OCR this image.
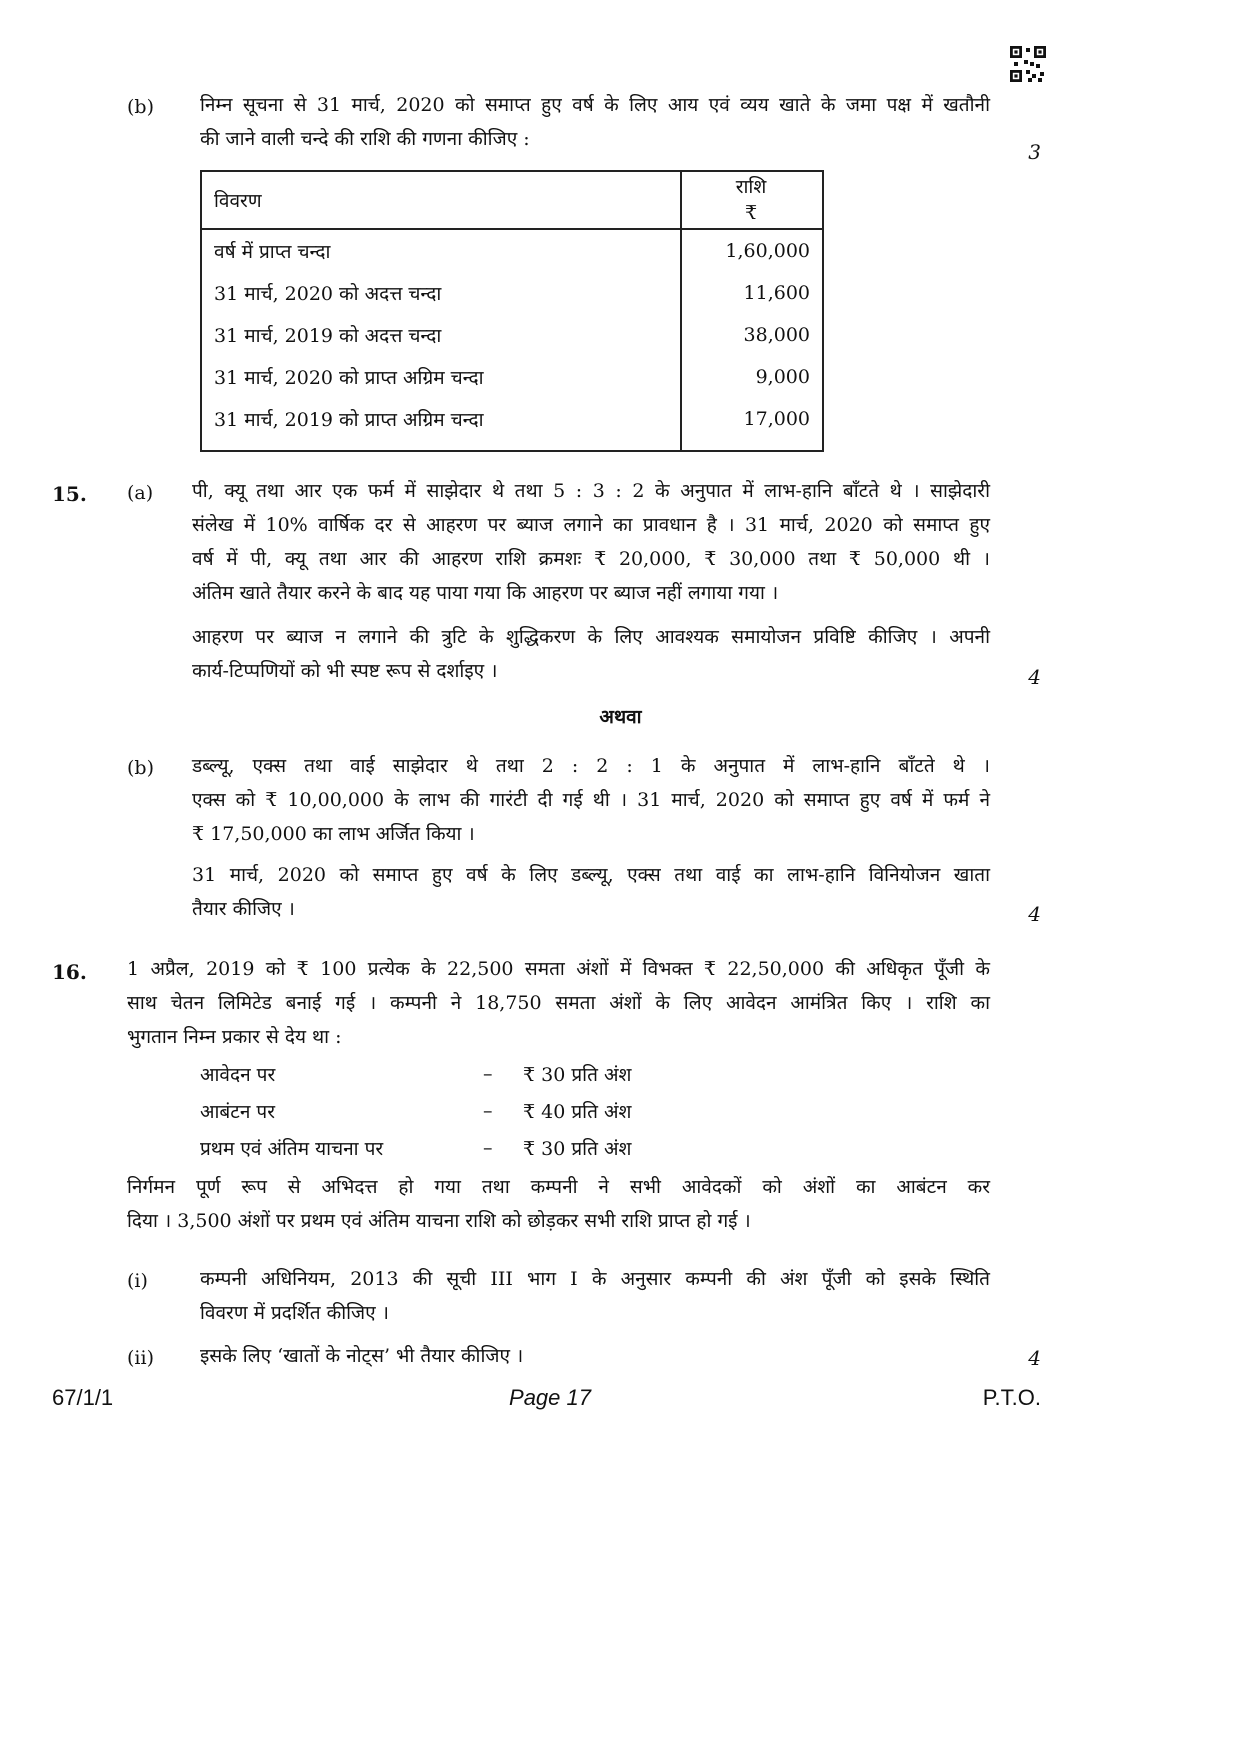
(b) निम्न सूचना से 31 मार्च, 2020 को समाप्त हुए वर्ष के लिए आय एवं व्यय खाते के जमा पक्ष में खतौनी
की जाने वाली चन्दे की राशि की गणना कीजिए :
3
विवरण	राशि
₹

वर्ष में प्राप्त चन्दा	1,60,000
31 मार्च, 2020 को अदत्त चन्दा	11,600
31 मार्च, 2019 को अदत्त चन्दा	38,000
31 मार्च, 2020 को प्राप्त अग्रिम चन्दा	9,000
31 मार्च, 2019 को प्राप्त अग्रिम चन्दा	17,000
15. (a) पी, क्यू तथा आर एक फर्म में साझेदार थे तथा 5 : 3 : 2 के अनुपात में लाभ-हानि बाँटते थे । साझेदारी
संलेख में 10% वार्षिक दर से आहरण पर ब्याज लगाने का प्रावधान है । 31 मार्च, 2020 को समाप्त हुए
वर्ष में पी, क्यू तथा आर की आहरण राशि क्रमशः ₹ 20,000, ₹ 30,000 तथा ₹ 50,000 थी ।
अंतिम खाते तैयार करने के बाद यह पाया गया कि आहरण पर ब्याज नहीं लगाया गया ।
आहरण पर ब्याज न लगाने की त्रुटि के शुद्धिकरण के लिए आवश्यक समायोजन प्रविष्टि कीजिए । अपनी
कार्य-टिप्पणियों को भी स्पष्ट रूप से दर्शाइए ।	4
अथवा
(b) डब्ल्यू, एक्स तथा वाई साझेदार थे तथा 2 : 2 : 1 के अनुपात में लाभ-हानि बाँटते थे ।
एक्स को ₹ 10,00,000 के लाभ की गारंटी दी गई थी । 31 मार्च, 2020 को समाप्त हुए वर्ष में फर्म ने
₹ 17,50,000 का लाभ अर्जित किया ।
31 मार्च, 2020 को समाप्त हुए वर्ष के लिए डब्ल्यू, एक्स तथा वाई का लाभ-हानि विनियोजन खाता
तैयार कीजिए ।	4
16. 1 अप्रैल, 2019 को ₹ 100 प्रत्येक के 22,500 समता अंशों में विभक्त ₹ 22,50,000 की अधिकृत पूँजी के
साथ चेतन लिमिटेड बनाई गई । कम्पनी ने 18,750 समता अंशों के लिए आवेदन आमंत्रित किए । राशि का
भुगतान निम्न प्रकार से देय था :
आवेदन पर	–	₹ 30 प्रति अंश
आबंटन पर	–	₹ 40 प्रति अंश
प्रथम एवं अंतिम याचना पर	–	₹ 30 प्रति अंश
निर्गमन पूर्ण रूप से अभिदत्त हो गया तथा कम्पनी ने सभी आवेदकों को अंशों का आबंटन कर
दिया । 3,500 अंशों पर प्रथम एवं अंतिम याचना राशि को छोड़कर सभी राशि प्राप्त हो गई ।
(i)	कम्पनी अधिनियम, 2013 की सूची III भाग I के अनुसार कम्पनी की अंश पूँजी को इसके स्थिति
विवरण में प्रदर्शित कीजिए ।
(ii) इसके लिए ‘खातों के नोट्स’ भी तैयार कीजिए ।	4
67/1/1	Page 17	P.T.O.
